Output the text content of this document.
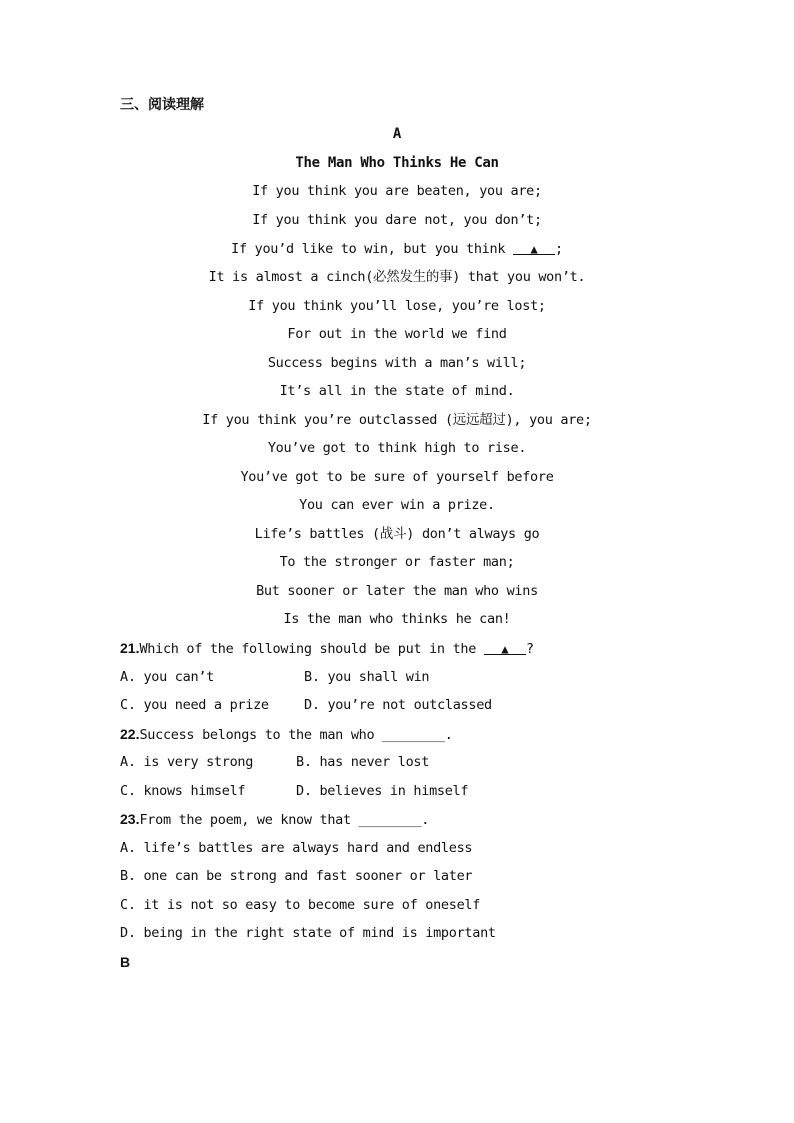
三、阅读理解
A
The Man Who Thinks He Can
If you think you are beaten, you are;
If you think you dare not, you don’t;
If you’d like to win, but you think ▲ ;
It is almost a cinch(必然发生的事) that you won’t.
If you think you’ll lose, you’re lost;
For out in the world we find
Success begins with a man’s will;
It’s all in the state of mind.
If you think you’re outclassed (远远超过), you are;
You’ve got to think high to rise.
You’ve got to be sure of yourself before
You can ever win a prize.
Life’s battles (战斗) don’t always go
To the stronger or faster man;
But sooner or later the man who wins
Is the man who thinks he can!
21.Which of the following should be put in the ▲ ?
A. you can’t	B. you shall win
C. you need a prize	D. you’re not outclassed
22.Success belongs to the man who ________.
A. is very strong	B. has never lost
C. knows himself	D. believes in himself
23.From the poem, we know that ________.
A. life’s battles are always hard and endless
B. one can be strong and fast sooner or later
C. it is not so easy to become sure of oneself
D. being in the right state of mind is important
B
